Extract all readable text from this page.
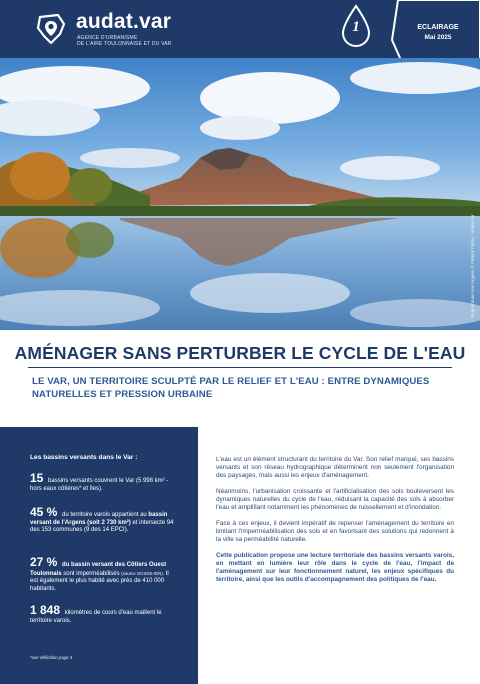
audat.var
AGENCE D'URBANISME
DE L'AIRE TOULONNAISE ET DU VAR
1	ECLAIRAGE
Mai 2025
Roquebrune-sur-Argens © Patrick Fabre - audat.var
AMÉNAGER SANS PERTURBER LE CYCLE DE L'EAU
LE VAR, UN TERRITOIRE SCULPTÉ PAR LE RELIEF ET L'EAU : ENTRE DYNAMIQUES
NATURELLES ET PRESSION URBAINE
Les bassins versants dans le Var :
15 bassins versants couvrent le Var (5 998 km² - hors eaux côtières* et îles).
45 % du territoire varois appartient au bassin versant de l'Argens (soit 2 730 km²) et intersecte 94 des 153 communes (9 des 14 EPCI).
27 % du bassin versant des Côtiers Ouest Toulonnais sont imperméabilisés (source OCSGE-IGN). Il est également le plus habité avec près de 410 000 habitants.
1 848 kilomètres de cours d'eau maillent le territoire varois.
*voir définition page 3

L'eau est un élément structurant du territoire du Var. Son relief marqué, ses bassins versants et son réseau hydrographique déterminent non seulement l'organisation des paysages, mais aussi les enjeux d'aménagement.

Néanmoins, l'urbanisation croissante et l'artificialisation des sols bouleversent les dynamiques naturelles du cycle de l'eau, réduisant la capacité des sols à absorber l'eau et amplifiant notamment les phénomènes de ruissellement et d'inondation.

Face à ces enjeux, il devient impératif de repenser l'aménagement du territoire en limitant l'imperméabilisation des sols et en favorisant des solutions qui redonnent à la ville sa perméabilité naturelle.

Cette publication propose une lecture territoriale des bassins versants varois, en mettant en lumière leur rôle dans le cycle de l'eau, l'impact de l'aménagement sur leur fonctionnement naturel, les enjeux spécifiques du territoire, ainsi que les outils d'accompagnement des politiques de l'eau.
